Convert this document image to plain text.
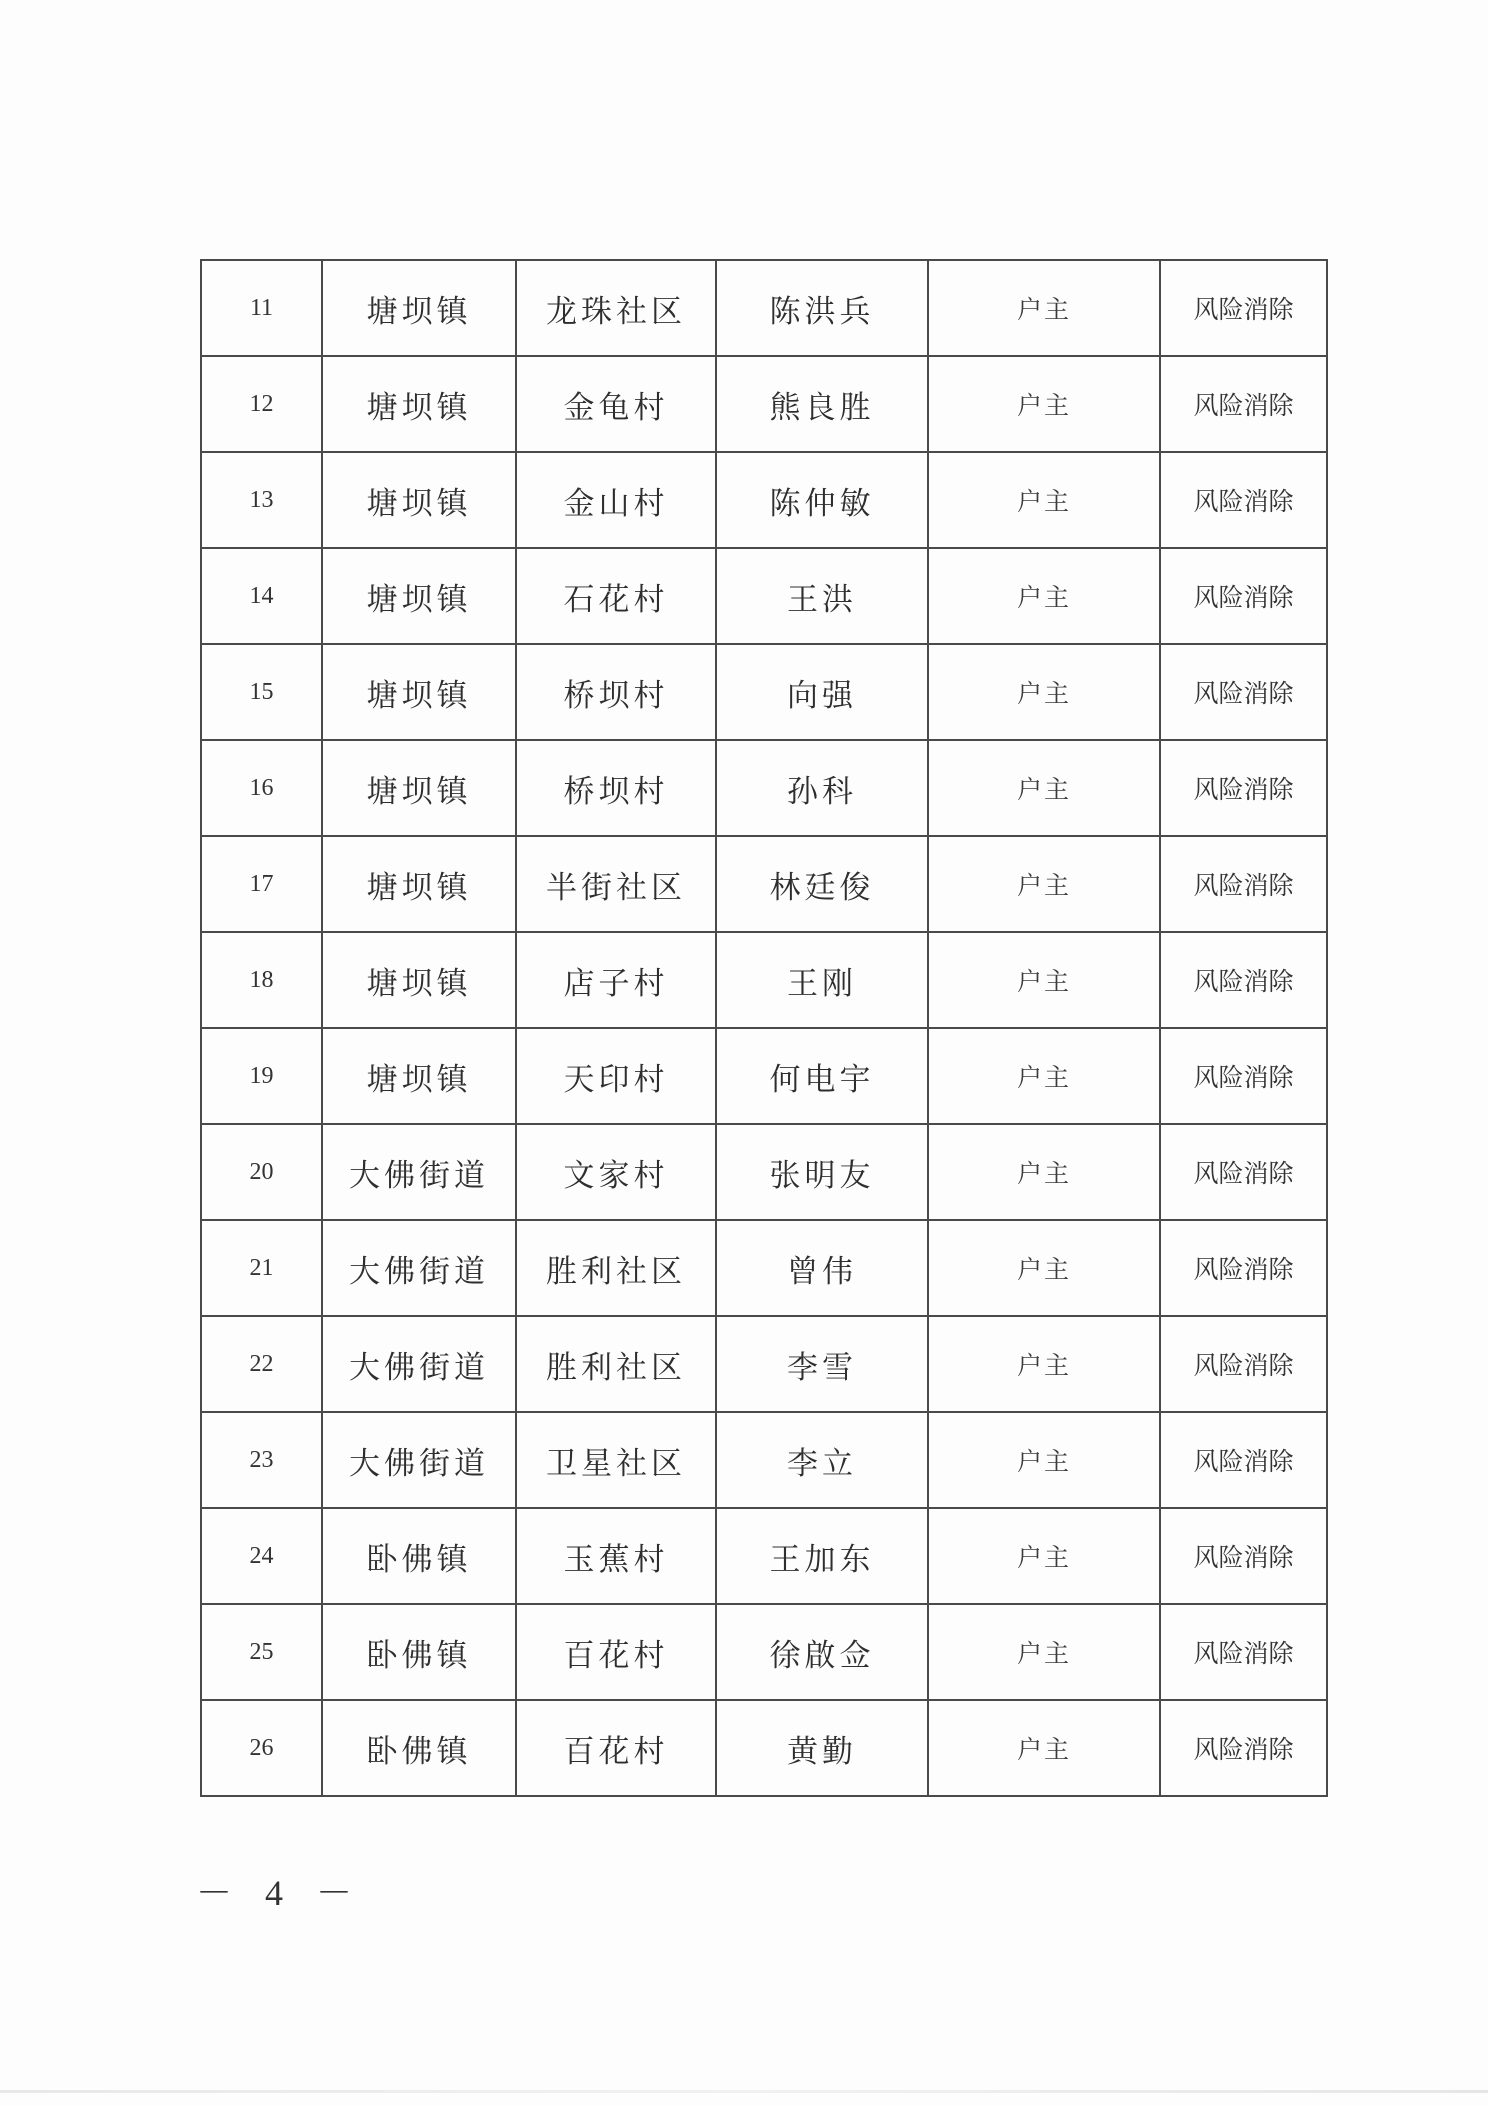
11	塘坝镇	龙珠社区	陈洪兵	户主	风险消除
12	塘坝镇	金龟村	熊良胜	户主	风险消除
13	塘坝镇	金山村	陈仲敏	户主	风险消除
14	塘坝镇	石花村	王洪	户主	风险消除
15	塘坝镇	桥坝村	向强	户主	风险消除
16	塘坝镇	桥坝村	孙科	户主	风险消除
17	塘坝镇	半街社区	林廷俊	户主	风险消除
18	塘坝镇	店子村	王刚	户主	风险消除
19	塘坝镇	天印村	何电宇	户主	风险消除
20	大佛街道	文家村	张明友	户主	风险消除
21	大佛街道	胜利社区	曾伟	户主	风险消除
22	大佛街道	胜利社区	李雪	户主	风险消除
23	大佛街道	卫星社区	李立	户主	风险消除
24	卧佛镇	玉蕉村	王加东	户主	风险消除
25	卧佛镇	百花村	徐啟佥	户主	风险消除
26	卧佛镇	百花村	黄勤	户主	风险消除
－ 4 －
